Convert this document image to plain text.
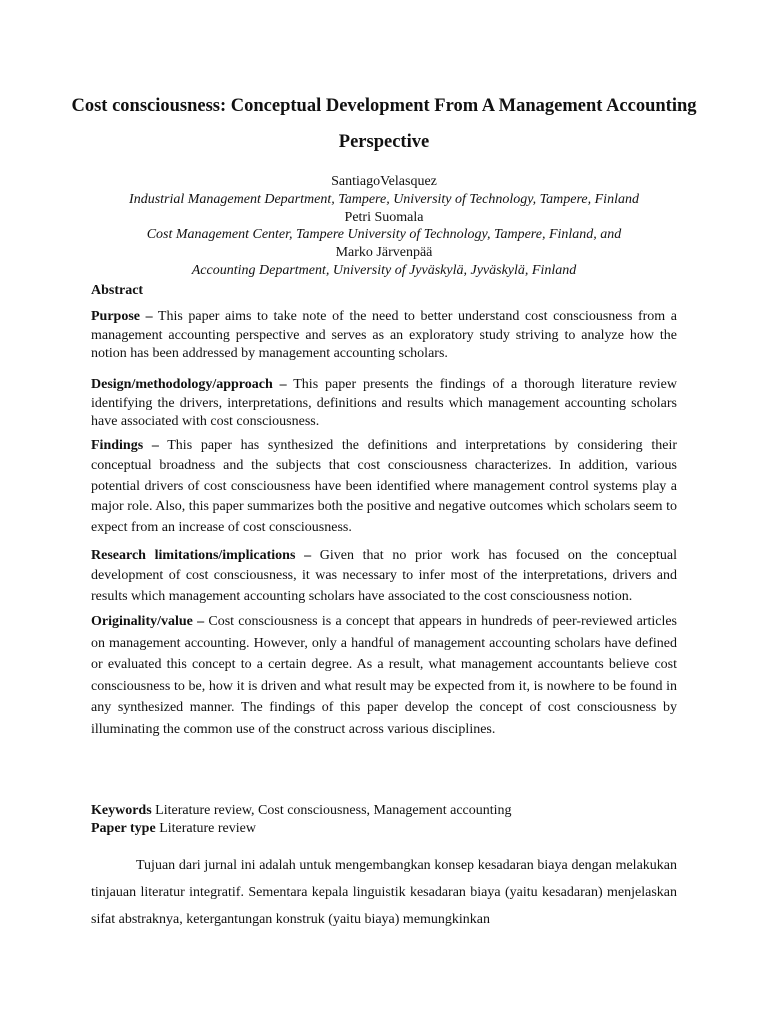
Cost consciousness: Conceptual Development From A Management Accounting Perspective
SantiagoVelasquez
Industrial Management Department, Tampere, University of Technology, Tampere, Finland
Petri Suomala
Cost Management Center, Tampere University of Technology, Tampere, Finland, and
Marko Järvenpää
Accounting Department, University of Jyväskylä, Jyväskylä, Finland
Abstract

Purpose – This paper aims to take note of the need to better understand cost consciousness from a management accounting perspective and serves as an exploratory study striving to analyze how the notion has been addressed by management accounting scholars.

Design/methodology/approach – This paper presents the findings of a thorough literature review identifying the drivers, interpretations, definitions and results which management accounting scholars have associated with cost consciousness.

Findings – This paper has synthesized the definitions and interpretations by considering their conceptual broadness and the subjects that cost consciousness characterizes. In addition, various potential drivers of cost consciousness have been identified where management control systems play a major role. Also, this paper summarizes both the positive and negative outcomes which scholars seem to expect from an increase of cost consciousness.

Research limitations/implications – Given that no prior work has focused on the conceptual development of cost consciousness, it was necessary to infer most of the interpretations, drivers and results which management accounting scholars have associated to the cost consciousness notion.

Originality/value – Cost consciousness is a concept that appears in hundreds of peer-reviewed articles on management accounting. However, only a handful of management accounting scholars have defined or evaluated this concept to a certain degree. As a result, what management accountants believe cost consciousness to be, how it is driven and what result may be expected from it, is nowhere to be found in any synthesized manner. The findings of this paper develop the concept of cost consciousness by illuminating the common use of the construct across various disciplines.

Keywords Literature review, Cost consciousness, Management accounting
Paper type Literature review

Tujuan dari jurnal ini adalah untuk mengembangkan konsep kesadaran biaya dengan melakukan tinjauan literatur integratif. Sementara kepala linguistik kesadaran biaya (yaitu kesadaran) menjelaskan sifat abstraknya, ketergantungan konstruk (yaitu biaya) memungkinkan
